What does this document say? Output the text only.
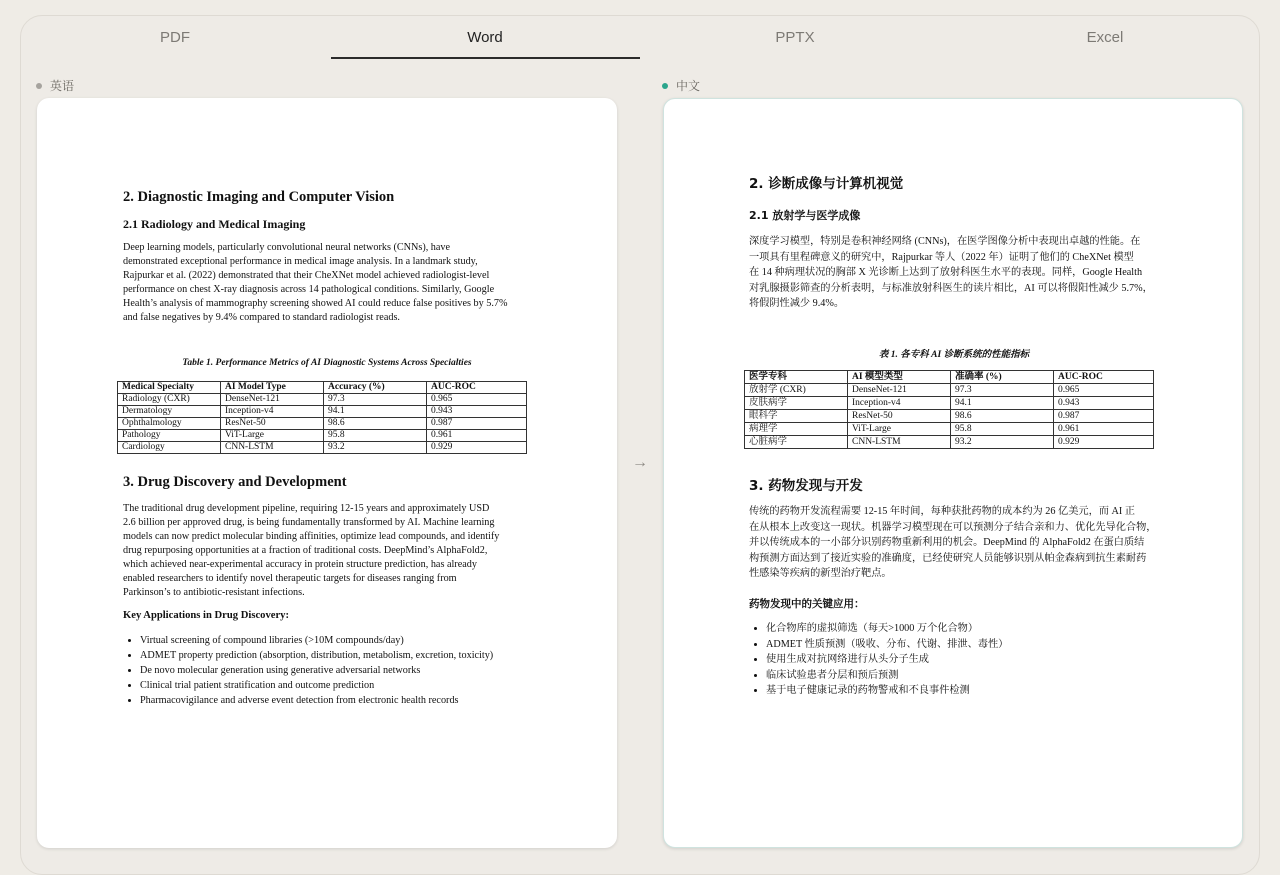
PDF	Word	PPTX	Excel
英语	中文
2. Diagnostic Imaging and Computer Vision
2.1 Radiology and Medical Imaging
Deep learning models, particularly convolutional neural networks (CNNs), have
demonstrated exceptional performance in medical image analysis. In a landmark study,
Rajpurkar et al. (2022) demonstrated that their CheXNet model achieved radiologist-level
performance on chest X-ray diagnosis across 14 pathological conditions. Similarly, Google
Health’s analysis of mammography screening showed AI could reduce false positives by 5.7%
and false negatives by 9.4% compared to standard radiologist reads.
Table 1. Performance Metrics of AI Diagnostic Systems Across Specialties
Medical Specialty	AI Model Type	Accuracy (%)	AUC-ROC
Radiology (CXR)	DenseNet-121	97.3	0.965
Dermatology	Inception-v4	94.1	0.943
Ophthalmology	ResNet-50	98.6	0.987
Pathology	ViT-Large	95.8	0.961
Cardiology	CNN-LSTM	93.2	0.929
3. Drug Discovery and Development
The traditional drug development pipeline, requiring 12-15 years and approximately USD
2.6 billion per approved drug, is being fundamentally transformed by AI. Machine learning
models can now predict molecular binding affinities, optimize lead compounds, and identify
drug repurposing opportunities at a fraction of traditional costs. DeepMind’s AlphaFold2,
which achieved near-experimental accuracy in protein structure prediction, has already
enabled researchers to identify novel therapeutic targets for diseases ranging from
Parkinson’s to antibiotic-resistant infections.
Key Applications in Drug Discovery:
• Virtual screening of compound libraries (>10M compounds/day)
• ADMET property prediction (absorption, distribution, metabolism, excretion, toxicity)
• De novo molecular generation using generative adversarial networks
• Clinical trial patient stratification and outcome prediction
• Pharmacovigilance and adverse event detection from electronic health records
→
2. 诊断成像与计算机视觉
2.1 放射学与医学成像
深度学习模型，特别是卷积神经网络 (CNNs)，在医学图像分析中表现出卓越的性能。在
一项具有里程碑意义的研究中，Rajpurkar 等人（2022 年）证明了他们的 CheXNet 模型
在 14 种病理状况的胸部 X 光诊断上达到了放射科医生水平的表现。同样，Google Health
对乳腺摄影筛查的分析表明，与标准放射科医生的读片相比，AI 可以将假阳性减少 5.7%，
将假阴性减少 9.4%。
表 1. 各专科 AI 诊断系统的性能指标
医学专科	AI 模型类型	准确率 (%)	AUC-ROC
放射学 (CXR)	DenseNet-121	97.3	0.965
皮肤病学	Inception-v4	94.1	0.943
眼科学	ResNet-50	98.6	0.987
病理学	ViT-Large	95.8	0.961
心脏病学	CNN-LSTM	93.2	0.929
3. 药物发现与开发
传统的药物开发流程需要 12-15 年时间，每种获批药物的成本约为 26 亿美元，而 AI 正
在从根本上改变这一现状。机器学习模型现在可以预测分子结合亲和力、优化先导化合物，
并以传统成本的一小部分识别药物重新利用的机会。DeepMind 的 AlphaFold2 在蛋白质结
构预测方面达到了接近实验的准确度，已经使研究人员能够识别从帕金森病到抗生素耐药
性感染等疾病的新型治疗靶点。
药物发现中的关键应用：
• 化合物库的虚拟筛选（每天>1000 万个化合物）
• ADMET 性质预测（吸收、分布、代谢、排泄、毒性）
• 使用生成对抗网络进行从头分子生成
• 临床试验患者分层和预后预测
• 基于电子健康记录的药物警戒和不良事件检测
